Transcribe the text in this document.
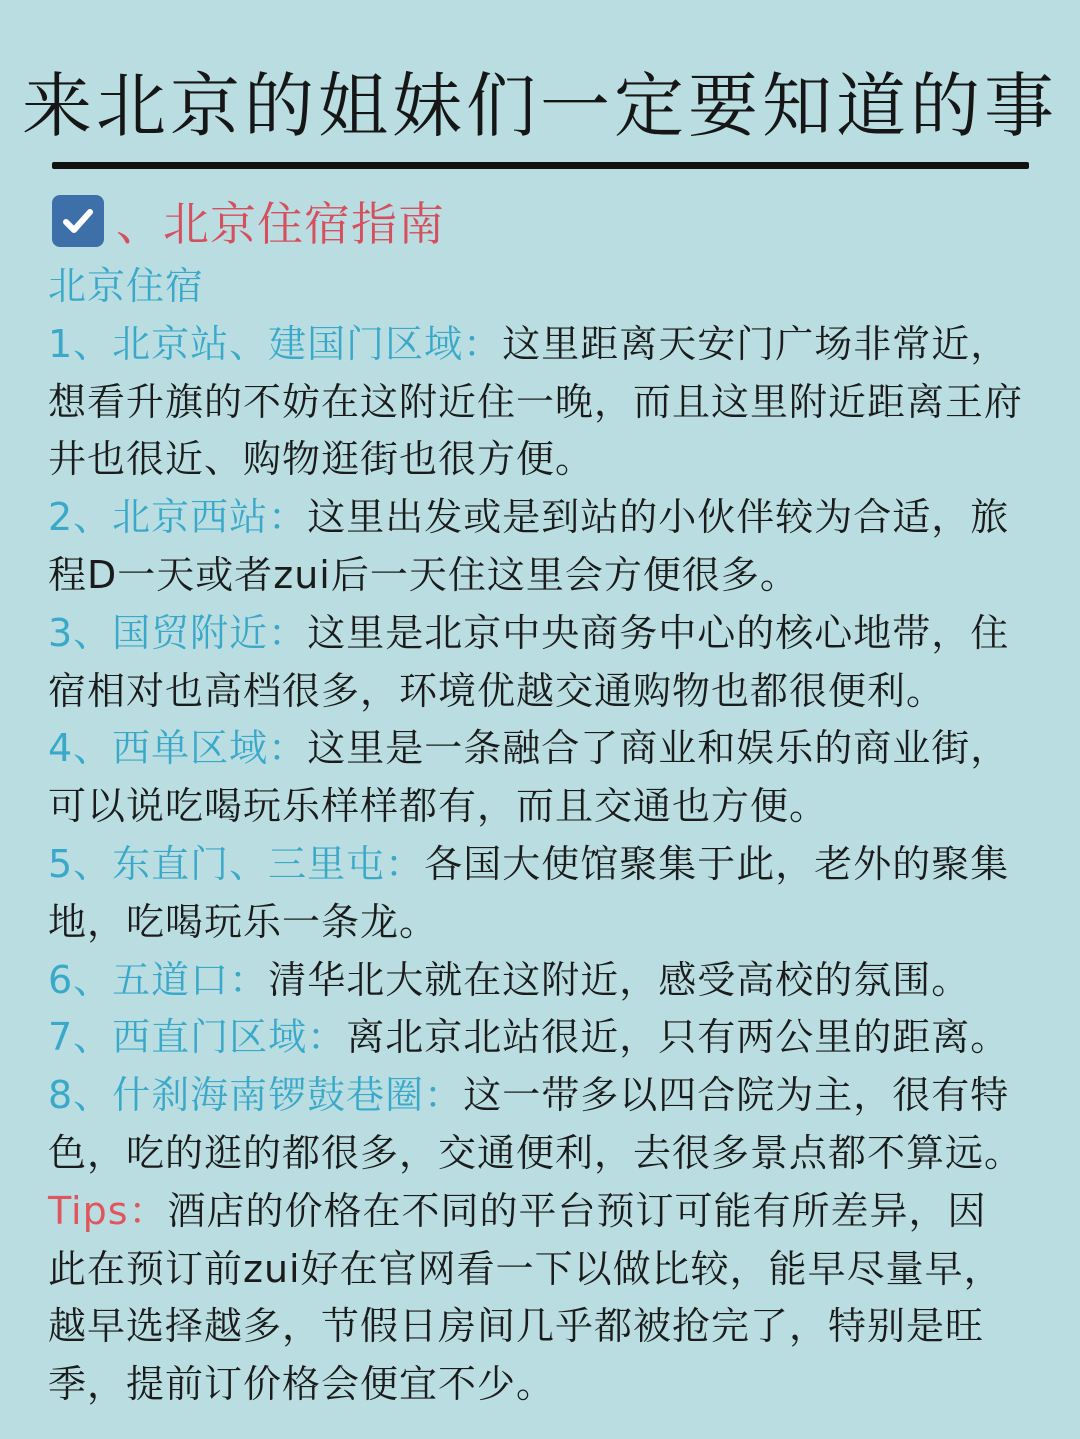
来北京的姐妹们一定要知道的事
、北京住宿指南
北京住宿

1、北京站、建国门区域：这里距离天安门广场非常近，想看升旗的不妨在这附近住一晚，而且这里附近距离王府井也很近、购物逛街也很方便。

2、北京西站：这里出发或是到站的小伙伴较为合适，旅程D一天或者zui后一天住这里会方便很多。

3、国贸附近：这里是北京中央商务中心的核心地带，住宿相对也高档很多，环境优越交通购物也都很便利。

4、西单区域：这里是一条融合了商业和娱乐的商业街，可以说吃喝玩乐样样都有，而且交通也方便。

5、东直门、三里屯：各国大使馆聚集于此，老外的聚集地，吃喝玩乐一条龙。

6、五道口：清华北大就在这附近，感受高校的氛围。

7、西直门区域：离北京北站很近，只有两公里的距离。

8、什刹海南锣鼓巷圈：这一带多以四合院为主，很有特色，吃的逛的都很多，交通便利，去很多景点都不算远。

Tips：酒店的价格在不同的平台预订可能有所差异，因此在预订前zui好在官网看一下以做比较，能早尽量早，越早选择越多，节假日房间几乎都被抢完了，特别是旺季，提前订价格会便宜不少。
